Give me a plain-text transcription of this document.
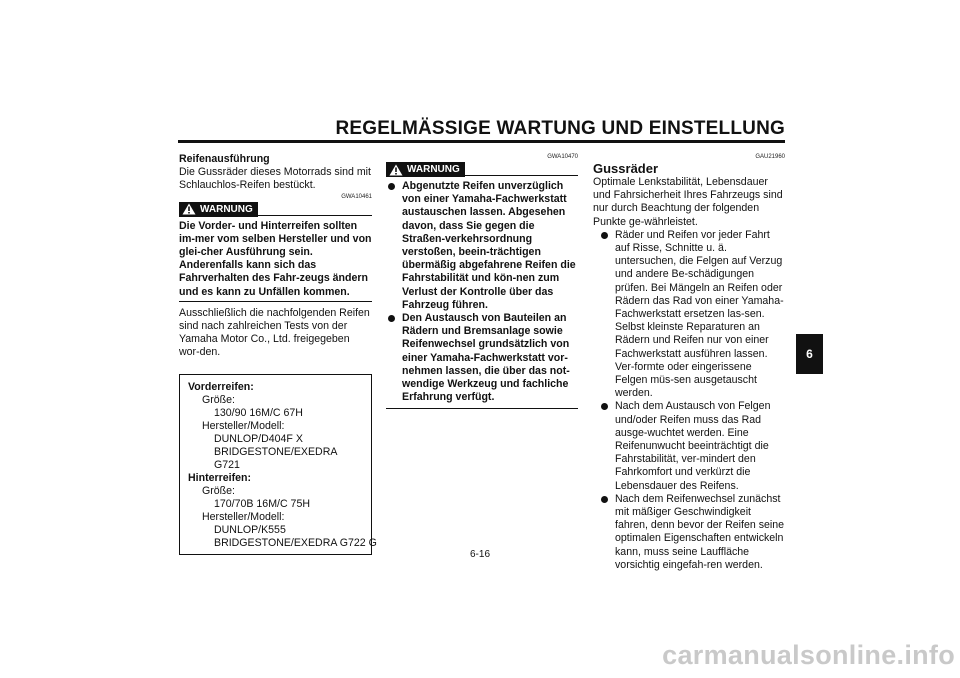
REGELMÄSSIGE WARTUNG UND EINSTELLUNG
Reifenausführung
Die Gussräder dieses Motorrads sind mit Schlauchlos-Reifen bestückt.
GWA10461
WARNUNG
Die Vorder- und Hinterreifen sollten im-mer vom selben Hersteller und von glei-cher Ausführung sein. Anderenfalls kann sich das Fahrverhalten des Fahr-zeugs ändern und es kann zu Unfällen kommen.
Ausschließlich die nachfolgenden Reifen sind nach zahlreichen Tests von der Yamaha Motor Co., Ltd. freigegeben wor-den.
Vorderreifen:
Größe:
130/90 16M/C 67H
Hersteller/Modell:
DUNLOP/D404F X
BRIDGESTONE/EXEDRA G721
Hinterreifen:
Größe:
170/70B 16M/C 75H
Hersteller/Modell:
DUNLOP/K555
BRIDGESTONE/EXEDRA G722 G
GWA10470
WARNUNG
Abgenutzte Reifen unverzüglich von einer Yamaha-Fachwerkstatt austauschen lassen. Abgesehen davon, dass Sie gegen die Straßen-verkehrsordnung verstoßen, beein-trächtigen übermäßig abgefahrene Reifen die Fahrstabilität und kön-nen zum Verlust der Kontrolle über das Fahrzeug führen.
Den Austausch von Bauteilen an Rädern und Bremsanlage sowie Reifenwechsel grundsätzlich von einer Yamaha-Fachwerkstatt vor-nehmen lassen, die über das not-wendige Werkzeug und fachliche Erfahrung verfügt.
GAU21960
Gussräder
Optimale Lenkstabilität, Lebensdauer und Fahrsicherheit Ihres Fahrzeugs sind nur durch Beachtung der folgenden Punkte ge-währleistet.
Räder und Reifen vor jeder Fahrt auf Risse, Schnitte u. ä. untersuchen, die Felgen auf Verzug und andere Be-schädigungen prüfen. Bei Mängeln an Reifen oder Rädern das Rad von einer Yamaha-Fachwerkstatt ersetzen las-sen. Selbst kleinste Reparaturen an Rädern und Reifen nur von einer Fachwerkstatt ausführen lassen. Ver-formte oder eingerissene Felgen müs-sen ausgetauscht werden.
Nach dem Austausch von Felgen und/oder Reifen muss das Rad ausge-wuchtet werden. Eine Reifenunwucht beeinträchtigt die Fahrstabilität, ver-mindert den Fahrkomfort und verkürzt die Lebensdauer des Reifens.
Nach dem Reifenwechsel zunächst mit mäßiger Geschwindigkeit fahren, denn bevor der Reifen seine optimalen Eigenschaften entwickeln kann, muss seine Lauffläche vorsichtig eingefah-ren werden.
6
6-16
carmanualsonline.info
